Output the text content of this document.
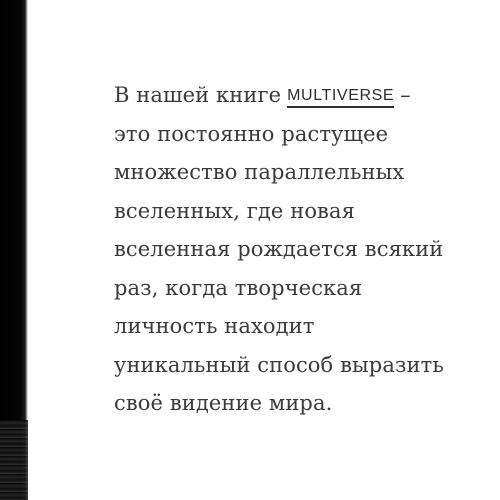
В нашей книге MULTIVERSE –
это постоянно растущее
множество параллельных
вселенных, где новая
вселенная рождается всякий
раз, когда творческая
личность находит
уникальный способ выразить
своё видение мира.
